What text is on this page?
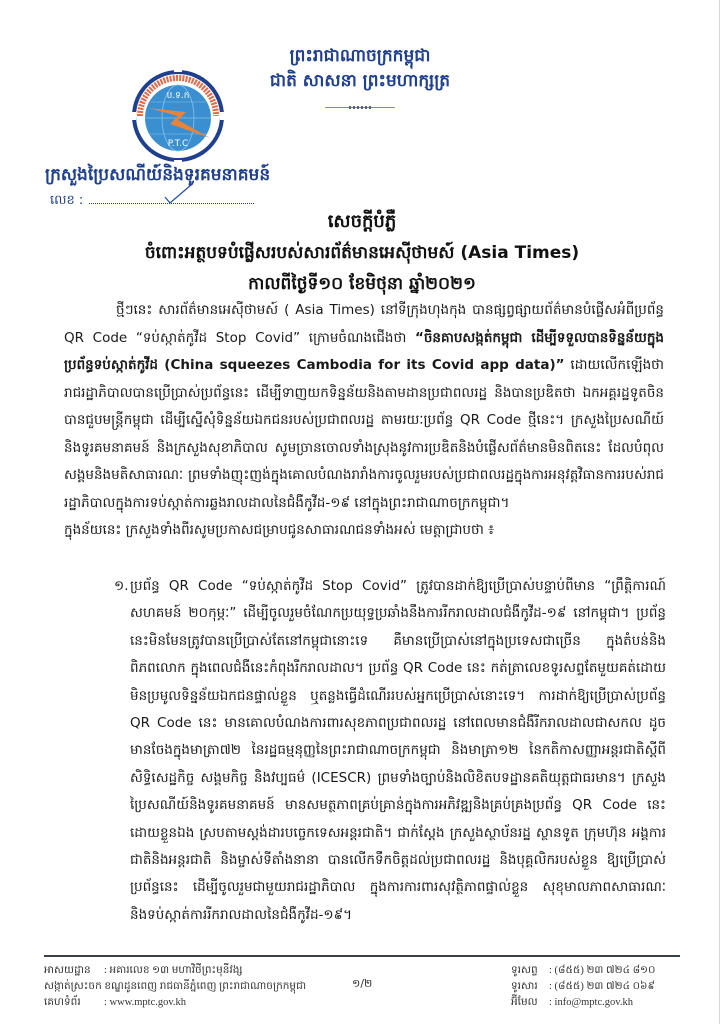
ព្រះរាជាណាចក្រកម្ពុជា
ជាតិ សាសនា ព្រះមហាក្សត្រ
ប.ទ.ក
P.T.C
ក្រសួងប្រៃសណីយ៍និងទូរគមនាគមន៍
លេខ :
សេចក្តីបំភ្លឺ
ចំពោះអត្ថបទបំផ្លើសរបស់សារព័ត៌មានអេស៊ីថាមស៍ (Asia Times)
កាលពីថ្ងៃទី១០ ខែមិថុនា ឆ្នាំ២០២១

ថ្មីៗនេះ សារព័ត៌មានអេស៊ីថាមស៍ ( Asia Times) នៅទីក្រុងហុងកុង បានផ្សព្វផ្សាយព័ត៌មានបំផ្លើសអំពីប្រព័ន្ធ QR Code “ទប់ស្កាត់កូវីដ Stop Covid” ក្រោមចំណងជើងថា “ចិនគាបសង្កត់កម្ពុជា ដើម្បីទទួលបានទិន្នន័យក្នុងប្រព័ន្ធទប់ស្កាត់កូវីដ (China squeezes Cambodia for its Covid app data)” ដោយលើកឡើងថា រាជរដ្ឋាភិបាលបានប្រើប្រាស់ប្រព័ន្ធនេះ ដើម្បីទាញយកទិន្នន័យនិងតាមដានប្រជាពលរដ្ឋ និងបានប្រឌិតថា ឯកអគ្គរដ្ឋទូតចិនបានជួបមន្ត្រីកម្ពុជា ដើម្បីស្នើសុំទិន្នន័យឯកជនរបស់ប្រជាពលរដ្ឋ តាមរយៈប្រព័ន្ធ QR Code ថ្មីនេះ។ ក្រសួងប្រៃសណីយ៍និងទូរគមនាគមន៍ និងក្រសួងសុខាភិបាល សូមច្រានចោលទាំងស្រុងនូវការប្រឌិតនិងបំផ្លើសព័ត៌មានមិនពិតនេះ ដែលបំពុលសង្គមនិងមតិសាធារណៈ ព្រមទាំងញុះញង់ក្នុងគោលបំណងរារាំងការចូលរួមរបស់ប្រជាពលរដ្ឋក្នុងការអនុវត្តវិធានការរបស់រាជរដ្ឋាភិបាលក្នុងការទប់ស្កាត់ការឆ្លងរាលដាលនៃជំងឺកូវីដ-១៩ នៅក្នុងព្រះរាជាណាចក្រកម្ពុជា។

ក្នុងន័យនេះ ក្រសួងទាំងពីរសូមប្រកាសជម្រាបជូនសាធារណជនទាំងអស់ មេត្តាជ្រាបថា ៖

១. ប្រព័ន្ធ QR Code “ទប់ស្កាត់កូវីដ Stop Covid” ត្រូវបានដាក់ឱ្យប្រើប្រាស់បន្ទាប់ពីមាន “ព្រឹត្តិការណ៍សហគមន៍ ២០កុម្ភៈ” ដើម្បីចូលរួមចំណែកប្រយុទ្ធប្រឆាំងនឹងការរីករាលដាលជំងឺកូវីដ-១៩ នៅកម្ពុជា។ ប្រព័ន្ធនេះមិនមែនត្រូវបានប្រើប្រាស់តែនៅកម្ពុជានោះទេ គឺមានប្រើប្រាស់នៅក្នុងប្រទេសជាច្រើន ក្នុងតំបន់និងពិភពលោក ក្នុងពេលជំងឺនេះកំពុងរីករាលដាល។ ប្រព័ន្ធ QR Code នេះ កត់ត្រាលេខទូរសព្ទតែមួយគត់ដោយមិនប្រមូលទិន្នន័យឯកជនផ្ទាល់ខ្លួន ឬតន្លងធ្វើដំណើររបស់អ្នកប្រើប្រាស់នោះទេ។ ការដាក់ឱ្យប្រើប្រាស់ប្រព័ន្ធ QR Code នេះ មានគោលបំណងការពារសុខភាពប្រជាពលរដ្ឋ នៅពេលមានជំងឺរីករាលដាលជាសកល ដូចមានចែងក្នុងមាត្រា៧២ នៃរដ្ឋធម្មនុញ្ញនៃព្រះរាជាណាចក្រកម្ពុជា និងមាត្រា១២ នៃកតិកាសញ្ញាអន្តរជាតិស្តីពីសិទ្ធិសេដ្ឋកិច្ច សង្គមកិច្ច និងវប្បធម៌ (ICESCR) ព្រមទាំងច្បាប់និងលិខិតបទដ្ឋានគតិយុត្តជាធរមាន។ ក្រសួងប្រៃសណីយ៍និងទូរគមនាគមន៍ មានសមត្ថភាពគ្រប់គ្រាន់ក្នុងការអភិវឌ្ឍនិងគ្រប់គ្រងប្រព័ន្ធ QR Code នេះ ដោយខ្លួនឯង ស្របតាមស្តង់ដារបច្ចេកទេសអន្តរជាតិ។ ជាក់ស្តែង ក្រសួងស្ថាប័នរដ្ឋ ស្ថានទូត ក្រុមហ៊ុន អង្គការជាតិនិងអន្តរជាតិ និងម្ចាស់ទីតាំងនានា បានលើកទឹកចិត្តដល់ប្រជាពលរដ្ឋ និងបុគ្គលិករបស់ខ្លួន ឱ្យប្រើប្រាស់ប្រព័ន្ធនេះ ដើម្បីចូលរួមជាមួយរាជរដ្ឋាភិបាល ក្នុងការការពារសុវត្ថិភាពផ្ទាល់ខ្លួន សុខុមាលភាពសាធារណៈ និងទប់ស្កាត់ការរីករាលដាលនៃជំងឺកូវីដ-១៩។
អាសយដ្ឋាន : អគារលេខ ១៣ មហាវិថីព្រះមុនីវង្ស
សង្កាត់ស្រះចក ខណ្ឌដូនពេញ រាជធានីភ្នំពេញ ព្រះរាជាណាចក្រកម្ពុជា
គេហទំព័រ : www.mptc.gov.kh
១/២
ទូរសព្ទ : (៨៥៥) ២៣ ៧២៤ ៨១០
ទូរសារ : (៨៥៥) ២៣ ៧២៤ ០៦៩
អ៊ីមែល : info@mptc.gov.kh
